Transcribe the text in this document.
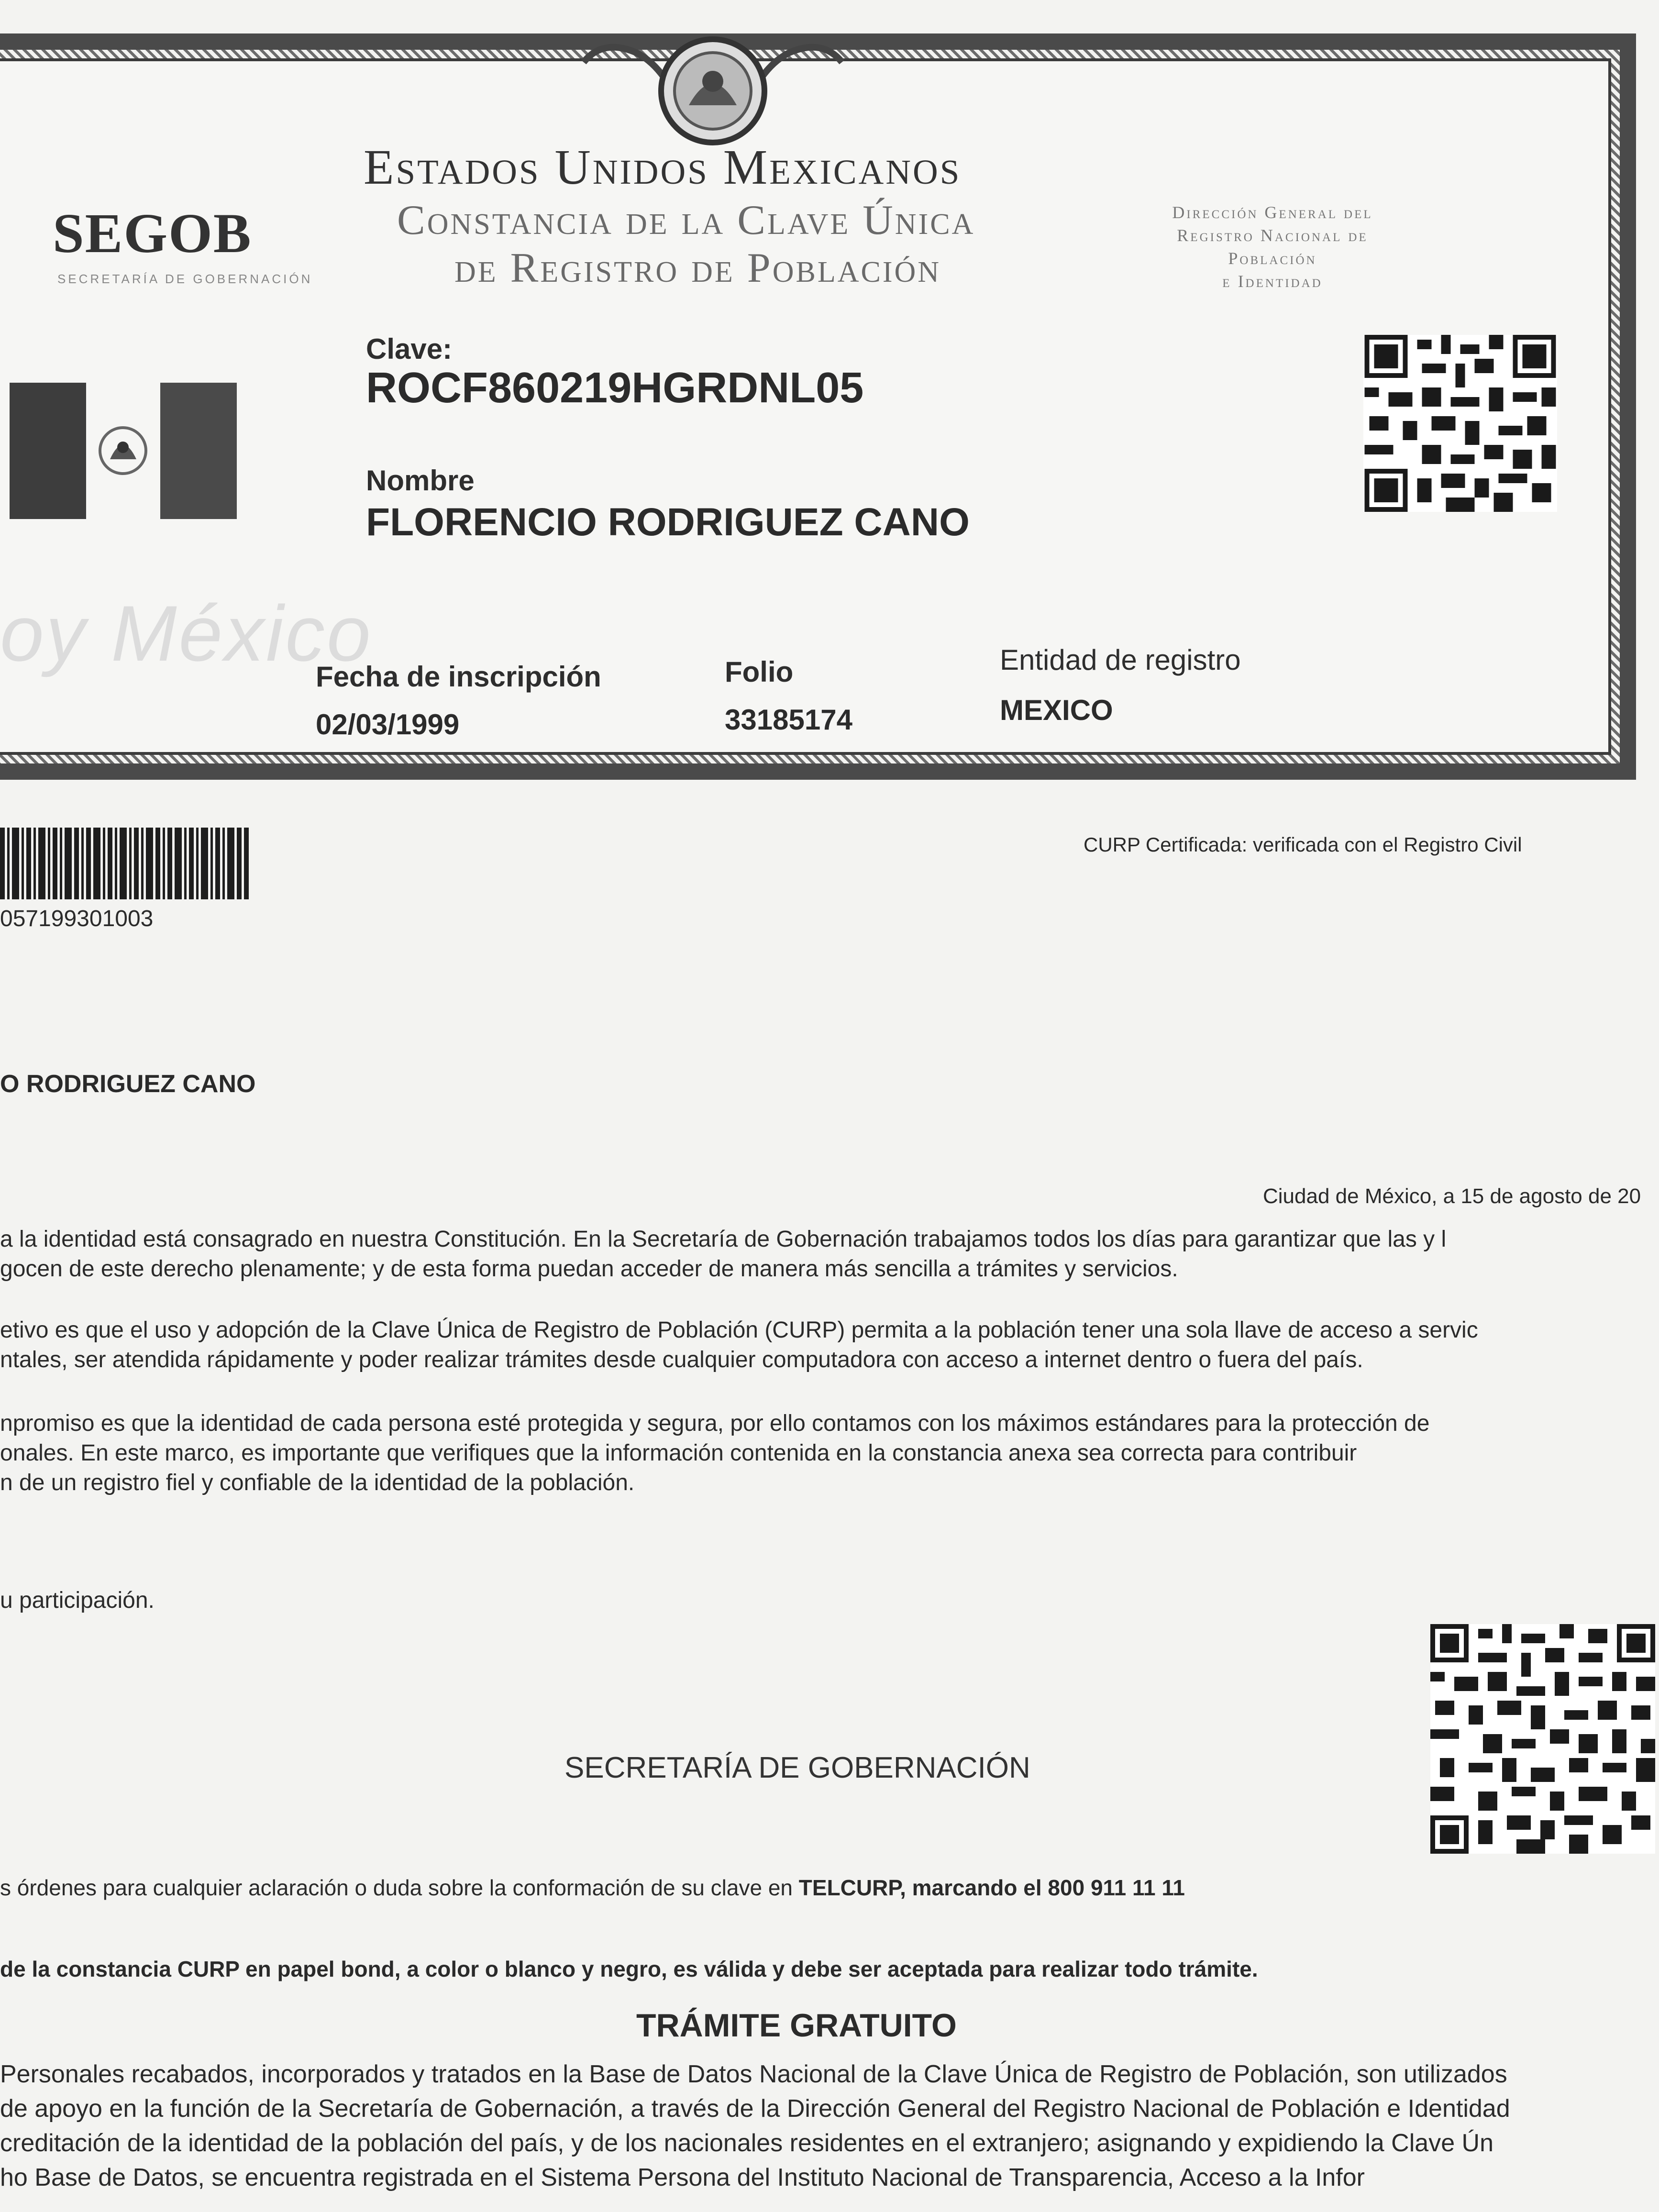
Estados Unidos Mexicanos
Constancia de la Clave Única
de Registro de Población
Dirección General del
Registro Nacional de Población
e Identidad
SEGOB
SECRETARÍA DE GOBERNACIÓN
oy México
Clave:
ROCF860219HGRDNL05
Nombre
FLORENCIO RODRIGUEZ CANO
Fecha de inscripción
02/03/1999
Folio
33185174
Entidad de registro
MEXICO
057199301003
CURP Certificada: verificada con el Registro Civil
O RODRIGUEZ CANO
Ciudad de México, a 15 de agosto de 20
a la identidad está consagrado en nuestra Constitución. En la Secretaría de Gobernación trabajamos todos los días para garantizar que las y l
gocen de este derecho plenamente; y de esta forma puedan acceder de manera más sencilla a trámites y servicios.
etivo es que el uso y adopción de la Clave Única de Registro de Población (CURP) permita a la población tener una sola llave de acceso a servic
ntales, ser atendida rápidamente y poder realizar trámites desde cualquier computadora con acceso a internet dentro o fuera del país.
npromiso es que la identidad de cada persona esté protegida y segura, por ello contamos con los máximos estándares para la protección de
onales. En este marco, es importante que verifiques que la información contenida en la constancia anexa sea correcta para contribuir
n de un registro fiel y confiable de la identidad de la población.
u participación.
SECRETARÍA DE GOBERNACIÓN
s órdenes para cualquier aclaración o duda sobre la conformación de su clave en TELCURP, marcando el 800 911 11 11
de la constancia CURP en papel bond, a color o blanco y negro, es válida y debe ser aceptada para realizar todo trámite.
TRÁMITE GRATUITO
Personales recabados, incorporados y tratados en la Base de Datos Nacional de la Clave Única de Registro de Población, son utilizados
de apoyo en la función de la Secretaría de Gobernación, a través de la Dirección General del Registro Nacional de Población e Identidad
creditación de la identidad de la población del país, y de los nacionales residentes en el extranjero; asignando y expidiendo la Clave Ún
ho Base de Datos, se encuentra registrada en el Sistema Persona del Instituto Nacional de Transparencia, Acceso a la Infor
